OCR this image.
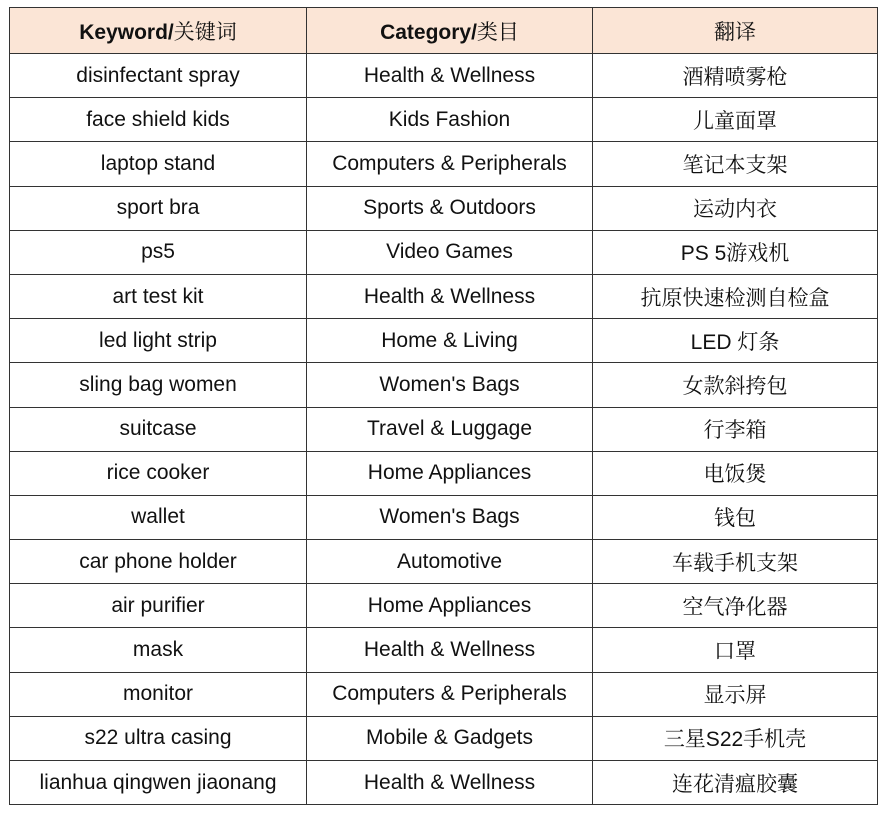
Keyword/关键词	Category/类目	翻译
disinfectant spray	Health & Wellness	酒精喷雾枪
face shield kids	Kids Fashion	儿童面罩
laptop stand	Computers & Peripherals	笔记本支架
sport bra	Sports & Outdoors	运动内衣
ps5	Video Games	PS 5游戏机
art test kit	Health & Wellness	抗原快速检测自检盒
led light strip	Home & Living	LED 灯条
sling bag women	Women's Bags	女款斜挎包
suitcase	Travel & Luggage	行李箱
rice cooker	Home Appliances	电饭煲
wallet	Women's Bags	钱包
car phone holder	Automotive	车载手机支架
air purifier	Home Appliances	空气净化器
mask	Health & Wellness	口罩
monitor	Computers & Peripherals	显示屏
s22 ultra casing	Mobile & Gadgets	三星S22手机壳
lianhua qingwen jiaonang	Health & Wellness	连花清瘟胶囊
